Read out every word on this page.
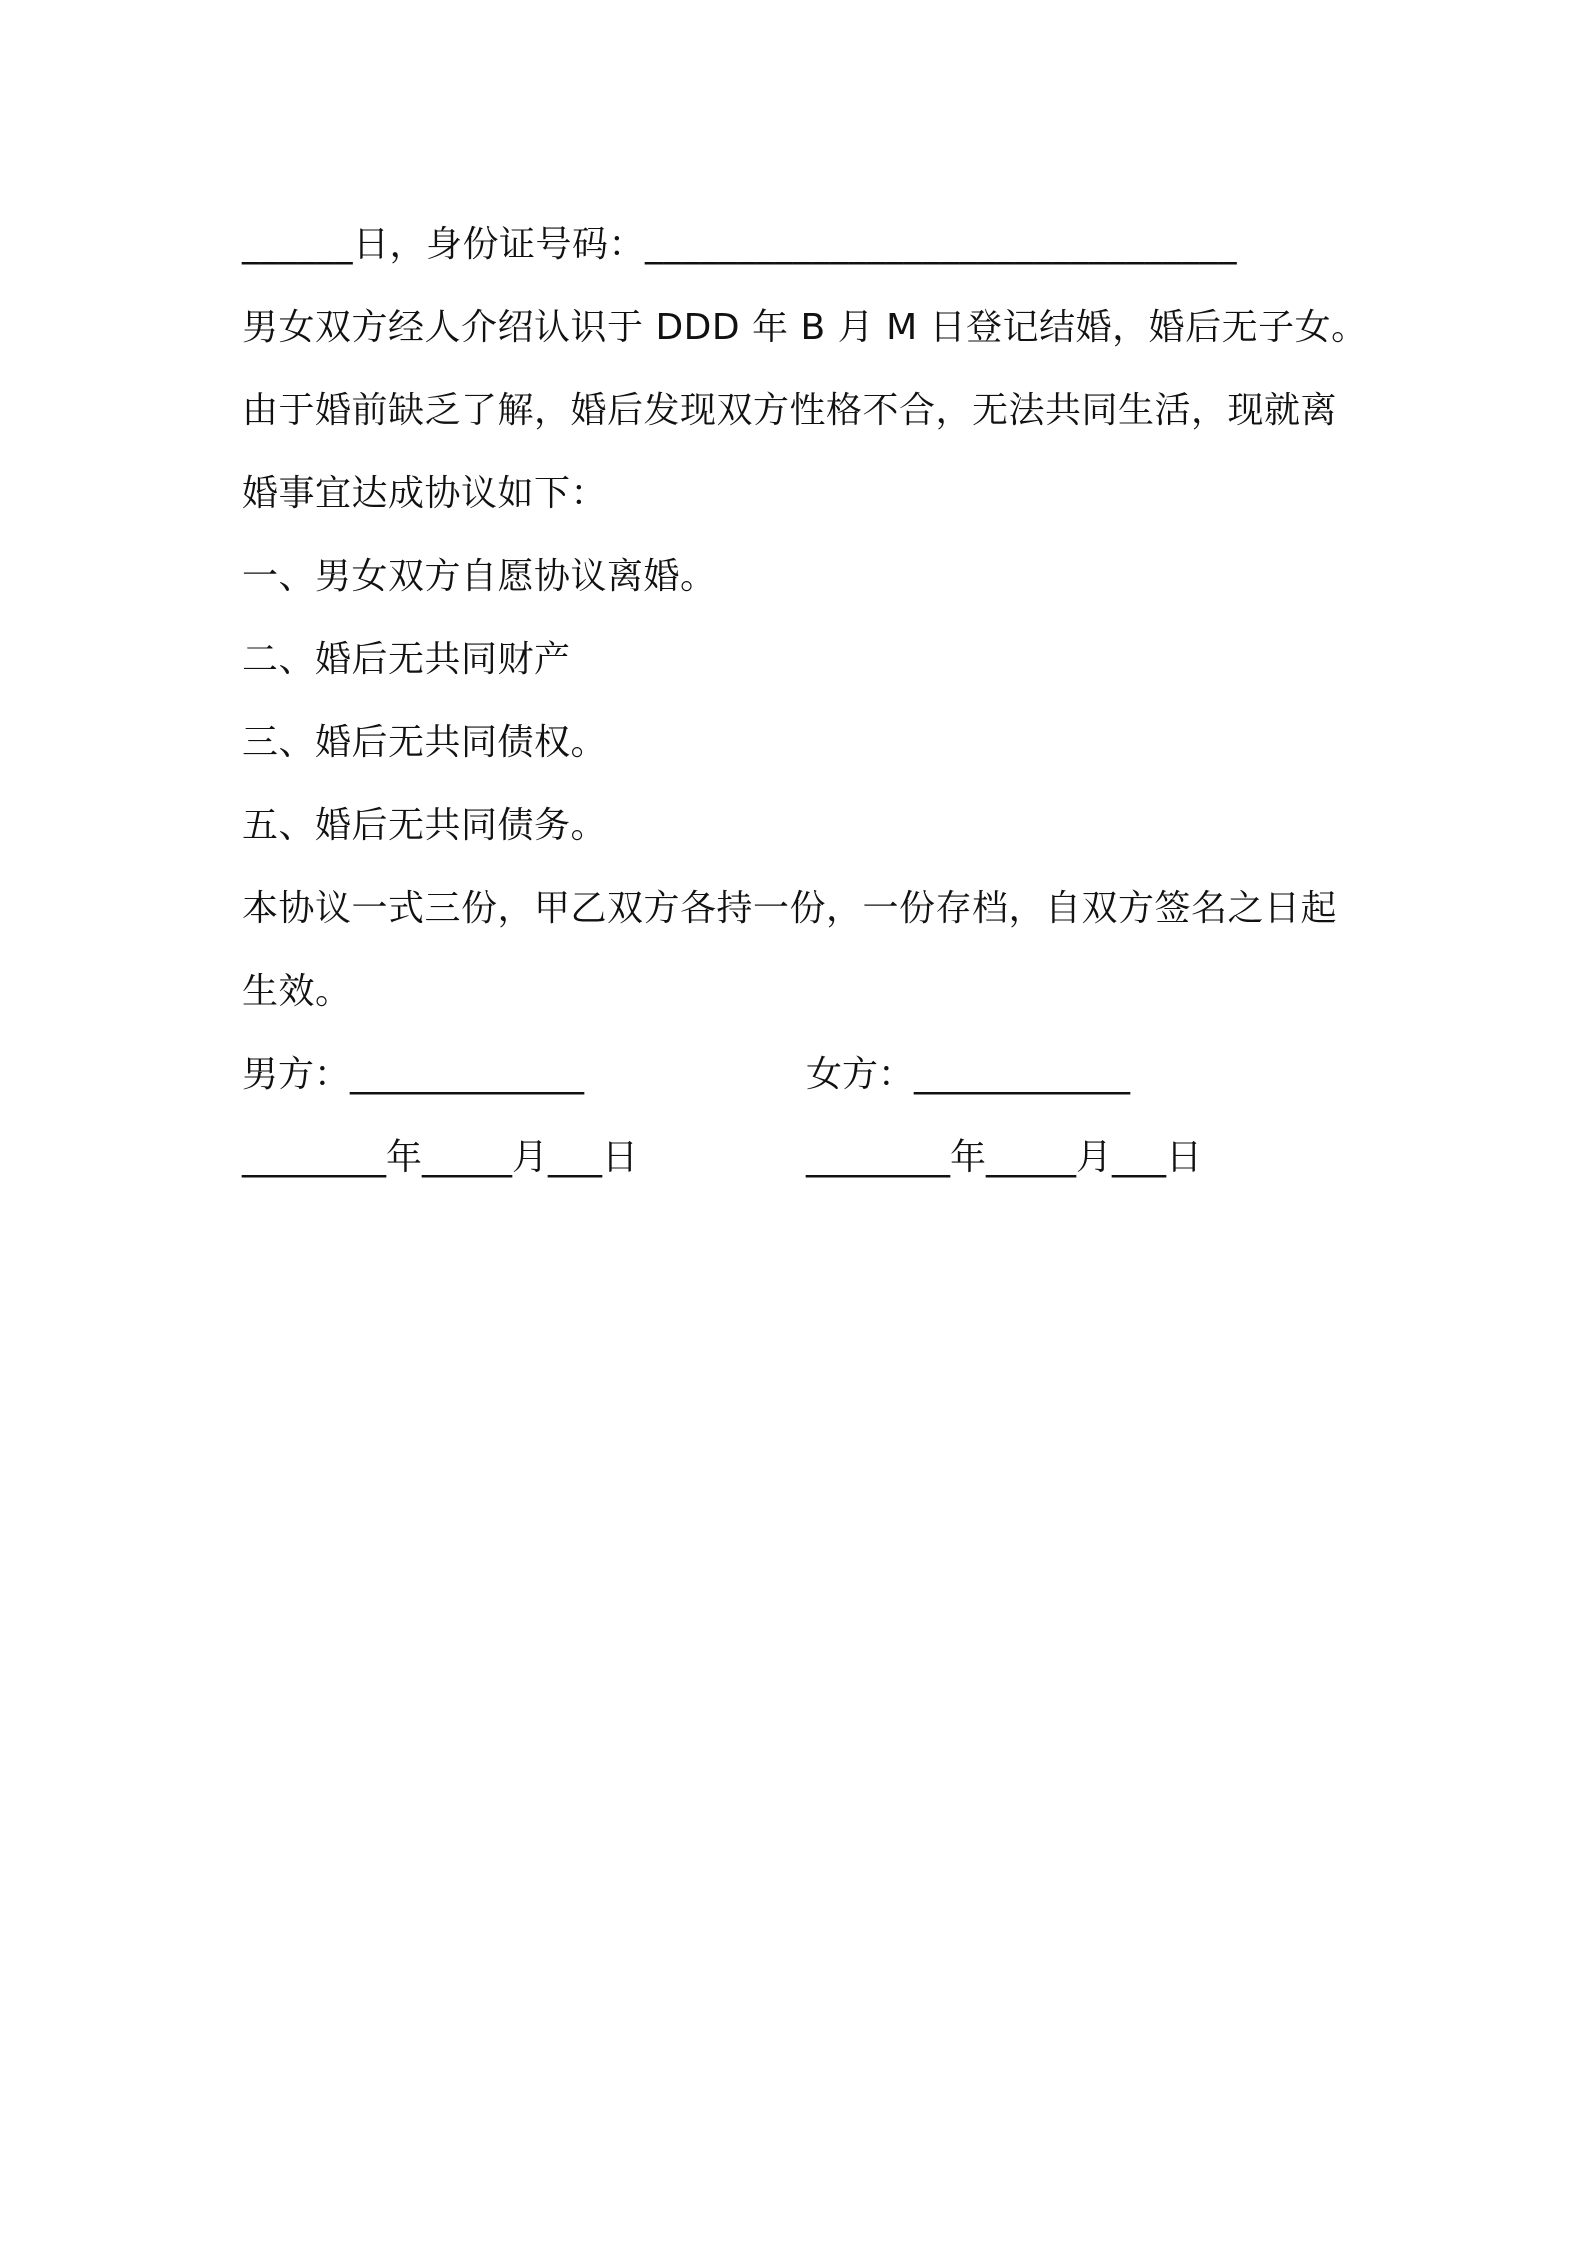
______日，身份证号码：________________________________
男女双方经人介绍认识于 DDD 年 B 月 M 日登记结婚，婚后无子女。
由于婚前缺乏了解，婚后发现双方性格不合，无法共同生活，现就离
婚事宜达成协议如下：
一、男女双方自愿协议离婚。
二、婚后无共同财产
三、婚后无共同债权。
五、婚后无共同债务。
本协议一式三份，甲乙双方各持一份，一份存档，自双方签名之日起
生效。
男方：_____________	女方：____________
________年_____月___日	________年_____月___日
